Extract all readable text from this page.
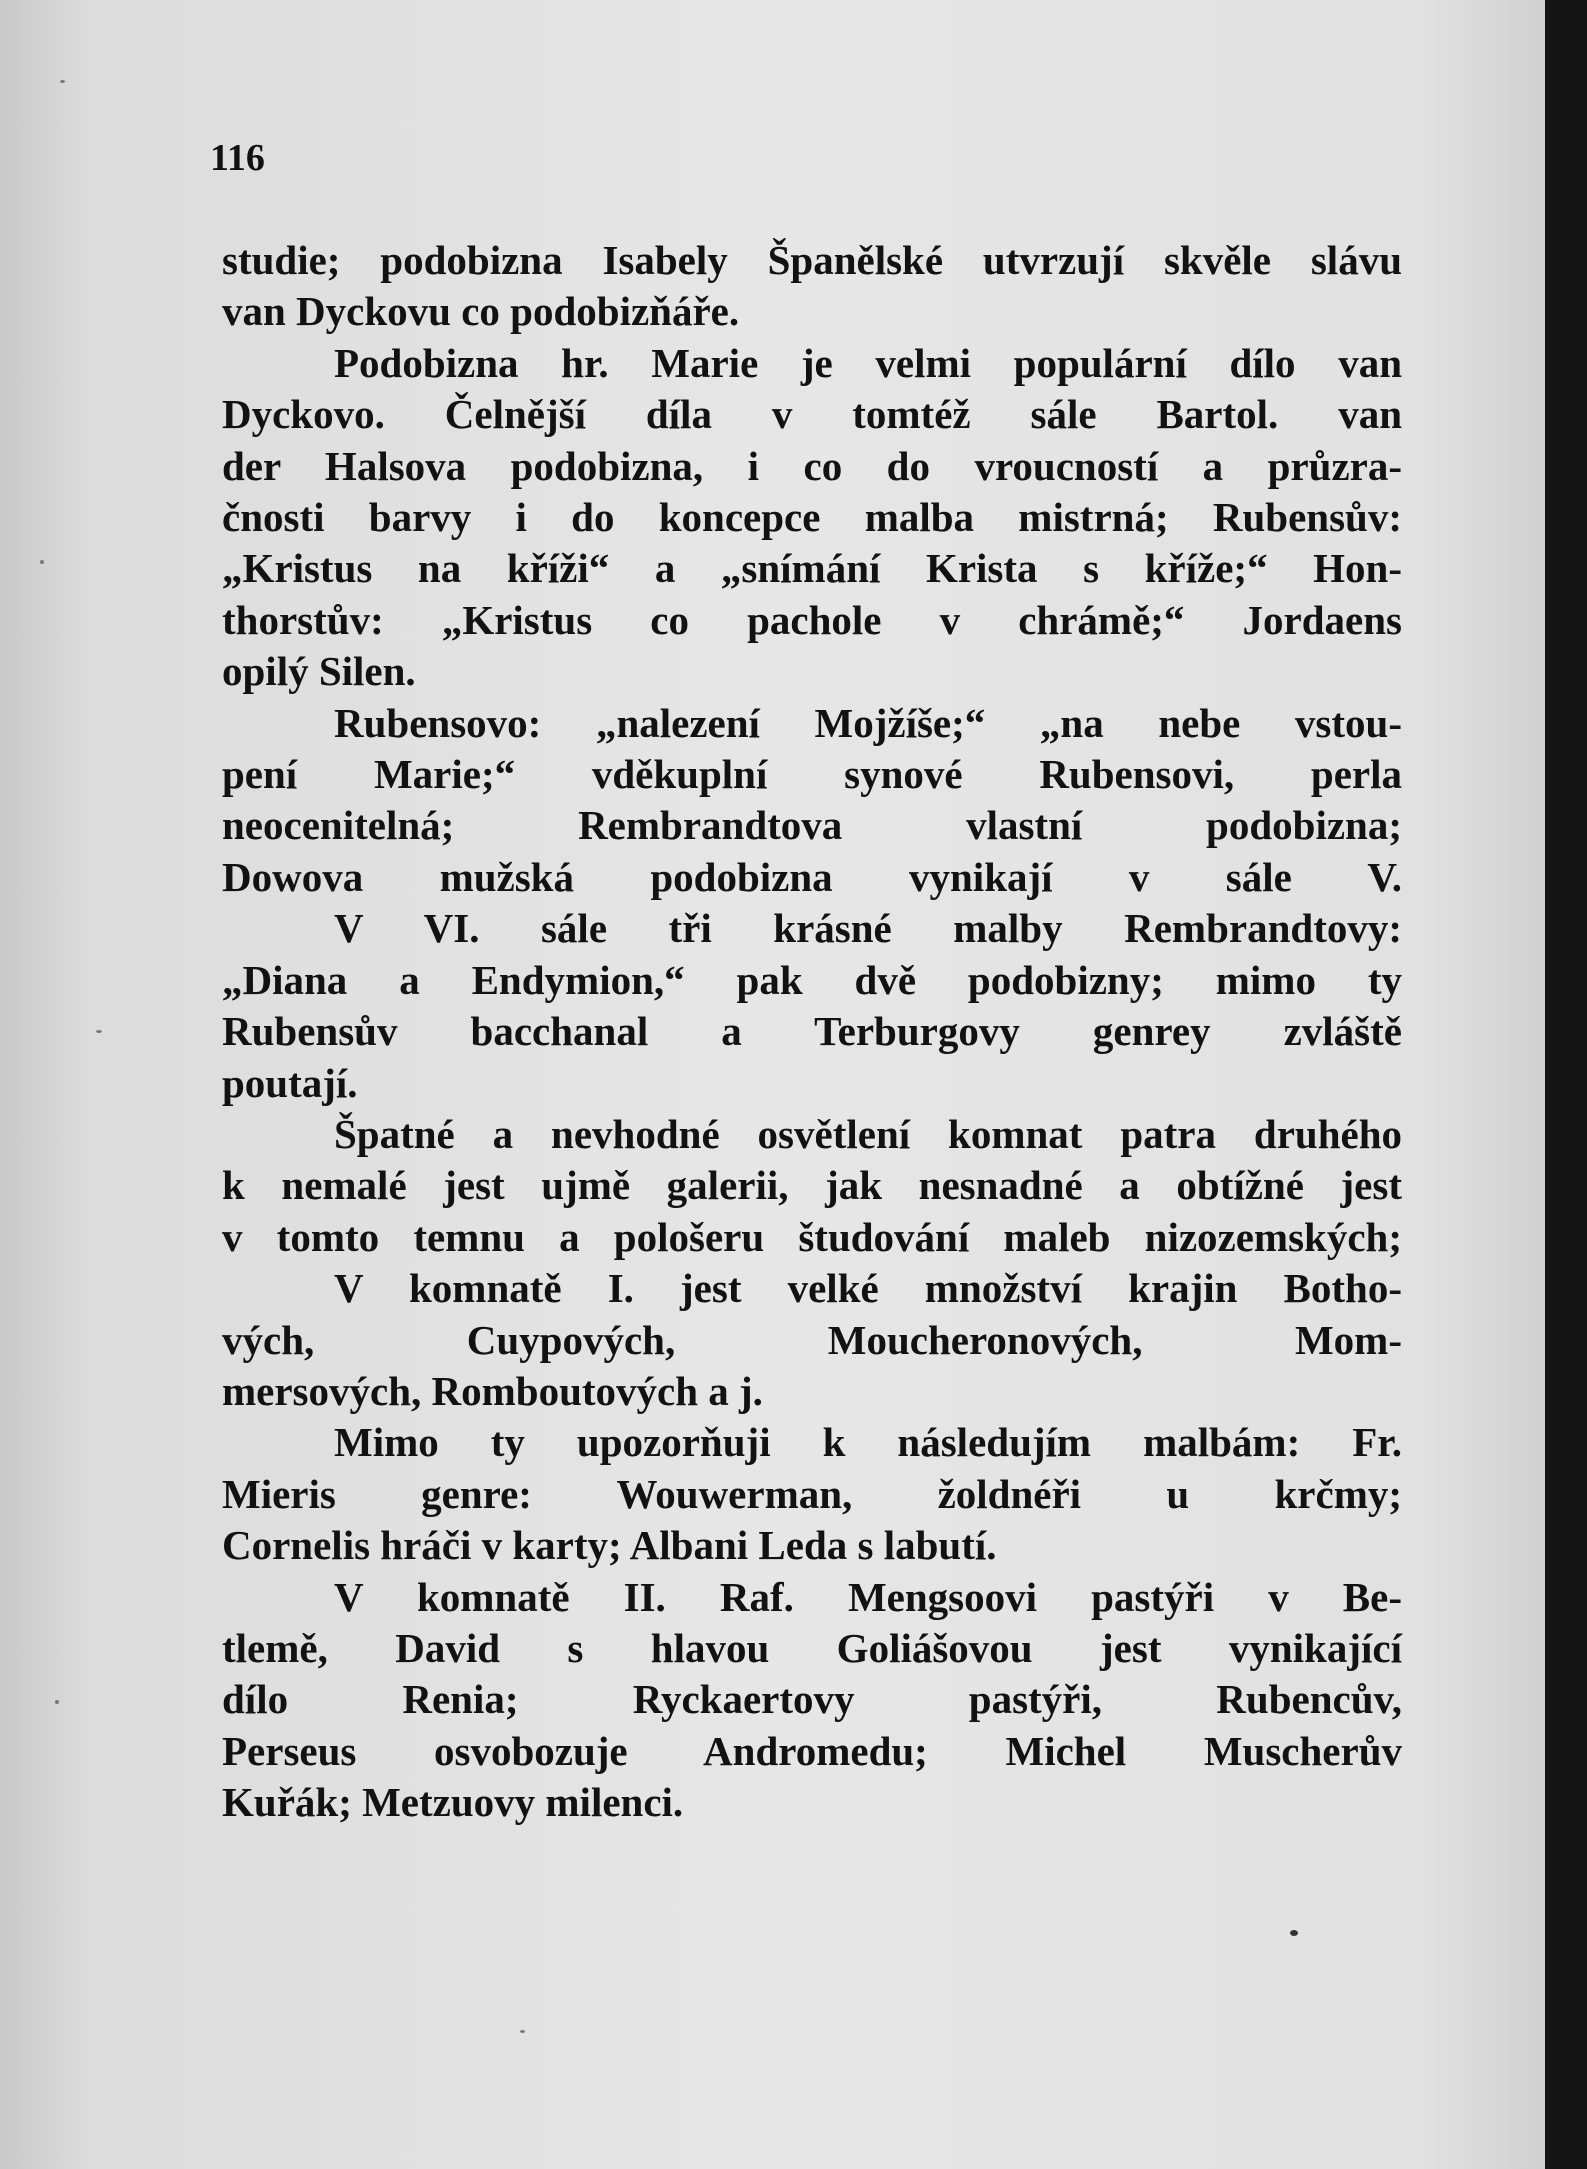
116

studie; podobizna Isabely Španělské utvrzují skvěle slávu

van Dyckovu co podobizňáře.

Podobizna hr. Marie je velmi populární dílo van

Dyckovo. Čelnější díla v tomtéž sále Bartol. van

der Halsova podobizna, i co do vroucností a průzra-

čnosti barvy i do koncepce malba mistrná; Rubensův:

„Kristus na kříži“ a „snímání Krista s kříže;“ Hon-

thorstův: „Kristus co pachole v chrámě;“ Jordaens

opilý Silen.

Rubensovo: „nalezení Mojžíše;“ „na nebe vstou-

pení Marie;“ vděkuplní synové Rubensovi, perla

neocenitelná; Rembrandtova vlastní podobizna;

Dowova mužská podobizna vynikají v sále V.

V VI. sále tři krásné malby Rembrandtovy:

„Diana a Endymion,“ pak dvě podobizny; mimo ty

Rubensův bacchanal a Terburgovy genrey zvláště

poutají.

Špatné a nevhodné osvětlení komnat patra druhého

k nemalé jest ujmě galerii, jak nesnadné a obtížné jest

v tomto temnu a pološeru študování maleb nizozemských;

V komnatě I. jest velké množství krajin Botho-

vých, Cuypových, Moucheronových, Mom-

mersových, Romboutových a j.

Mimo ty upozorňuji k následujím malbám: Fr.

Mieris genre: Wouwerman, žoldnéři u krčmy;

Cornelis hráči v karty; Albani Leda s labutí.

V komnatě II. Raf. Mengsoovi pastýři v Be-

tlemě, David s hlavou Goliášovou jest vynikající

dílo Renia; Ryckaertovy pastýři, Rubencův,

Perseus osvobozuje Andromedu; Michel Muscherův

Kuřák; Metzuovy milenci.
